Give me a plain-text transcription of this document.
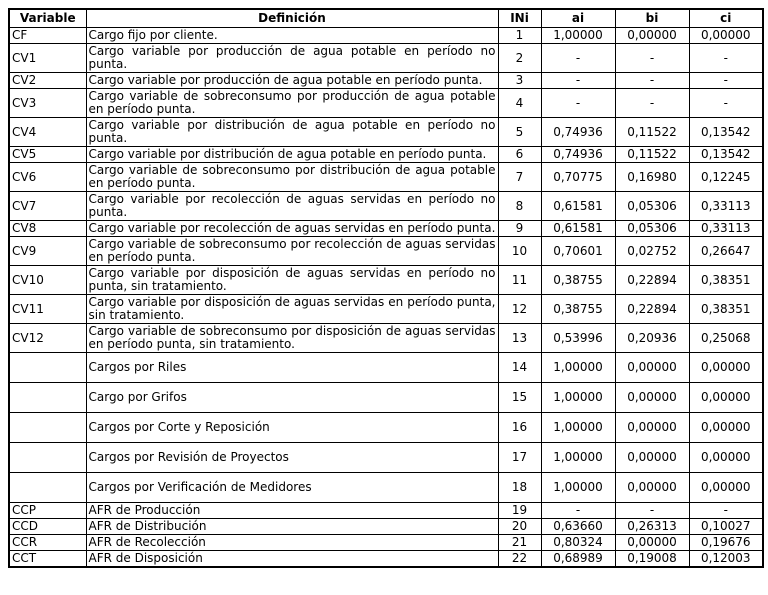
Variable	Definición	INi	ai	bi	ci
CF	Cargo fijo por cliente.	1	1,00000	0,00000	0,00000
CV1	Cargo variable por producción de agua potable en período no punta.	2	-	-	-
CV2	Cargo variable por producción de agua potable en período punta.	3	-	-	-
CV3	Cargo variable de sobreconsumo por producción de agua potable en período punta.	4	-	-	-
CV4	Cargo variable por distribución de agua potable en período no punta.	5	0,74936	0,11522	0,13542
CV5	Cargo variable por distribución de agua potable en período punta.	6	0,74936	0,11522	0,13542
CV6	Cargo variable de sobreconsumo por distribución de agua potable en período punta.	7	0,70775	0,16980	0,12245
CV7	Cargo variable por recolección de aguas servidas en período no punta.	8	0,61581	0,05306	0,33113
CV8	Cargo variable por recolección de aguas servidas en período punta.	9	0,61581	0,05306	0,33113
CV9	Cargo variable de sobreconsumo por recolección de aguas servidas en período punta.	10	0,70601	0,02752	0,26647
CV10	Cargo variable por disposición de aguas servidas en período no punta, sin tratamiento.	11	0,38755	0,22894	0,38351
CV11	Cargo variable por disposición de aguas servidas en período punta, sin tratamiento.	12	0,38755	0,22894	0,38351
CV12	Cargo variable de sobreconsumo por disposición de aguas servidas en período punta, sin tratamiento.	13	0,53996	0,20936	0,25068
	Cargos por Riles	14	1,00000	0,00000	0,00000
	Cargo por Grifos	15	1,00000	0,00000	0,00000
	Cargos por Corte y Reposición	16	1,00000	0,00000	0,00000
	Cargos por Revisión de Proyectos	17	1,00000	0,00000	0,00000
	Cargos por Verificación de Medidores	18	1,00000	0,00000	0,00000
CCP	AFR de Producción	19	-	-	-
CCD	AFR de Distribución	20	0,63660	0,26313	0,10027
CCR	AFR de Recolección	21	0,80324	0,00000	0,19676
CCT	AFR de Disposición	22	0,68989	0,19008	0,12003
